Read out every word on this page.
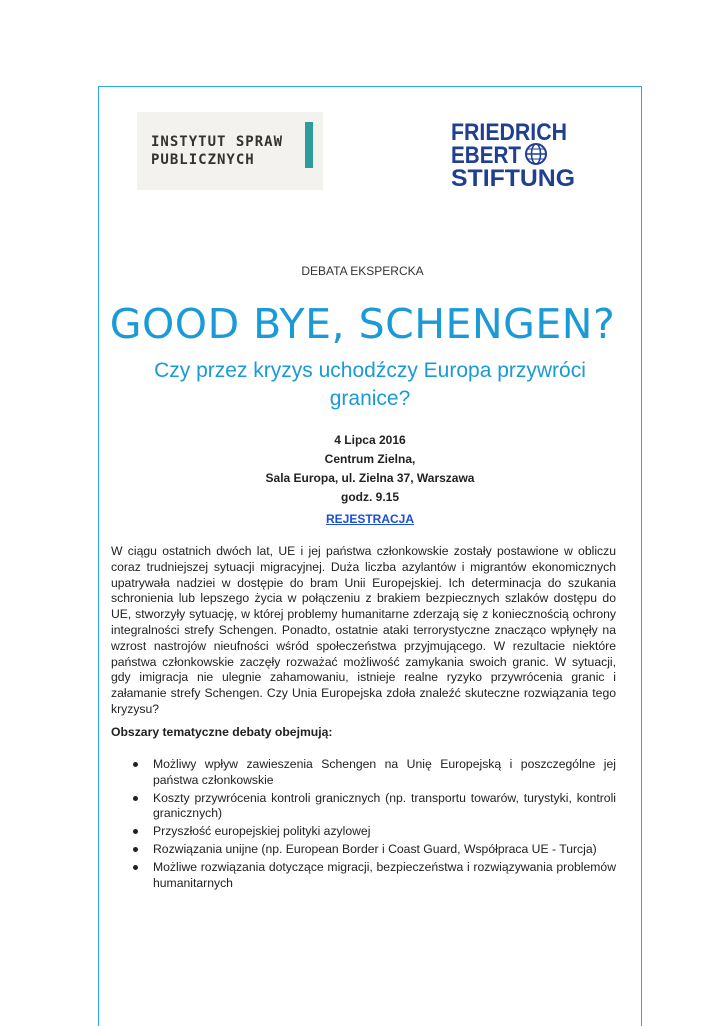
INSTYTUT SPRAW
PUBLICZNYCH
FRIEDRICH
EBERT
STIFTUNG
DEBATA EKSPERCKA
GOOD BYE, SCHENGEN?
Czy przez kryzys uchodźczy Europa przywróci granice?
4 Lipca 2016
Centrum Zielna,
Sala Europa, ul. Zielna 37, Warszawa
godz. 9.15
REJESTRACJA
W ciągu ostatnich dwóch lat, UE i jej państwa członkowskie zostały postawione w obliczu coraz trudniejszej sytuacji migracyjnej. Duża liczba azylantów i migrantów ekonomicznych upatrywała nadziei w dostępie do bram Unii Europejskiej. Ich determinacja do szukania schronienia lub lepszego życia w połączeniu z brakiem bezpiecznych szlaków dostępu do UE, stworzyły sytuację, w której problemy humanitarne zderzają się z koniecznością ochrony integralności strefy Schengen. Ponadto, ostatnie ataki terrorystyczne znacząco wpłynęły na wzrost nastrojów nieufności wśród społeczeństwa przyjmującego. W rezultacie niektóre państwa członkowskie zaczęły rozważać możliwość zamykania swoich granic. W sytuacji, gdy imigracja nie ulegnie zahamowaniu, istnieje realne ryzyko przywrócenia granic i załamanie strefy Schengen. Czy Unia Europejska zdoła znaleźć skuteczne rozwiązania tego kryzysu?
Obszary tematyczne debaty obejmują:
Możliwy wpływ zawieszenia Schengen na Unię Europejską i poszczególne jej państwa członkowskie
Koszty przywrócenia kontroli granicznych (np. transportu towarów, turystyki, kontroli granicznych)
Przyszłość europejskiej polityki azylowej
Rozwiązania unijne (np. European Border i Coast Guard, Współpraca UE - Turcja)
Możliwe rozwiązania dotyczące migracji, bezpieczeństwa i rozwiązywania problemów humanitarnych
